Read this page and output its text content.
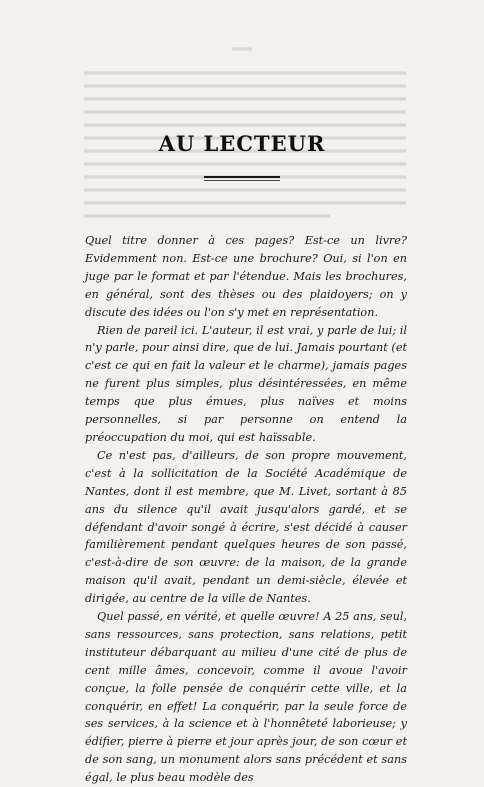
AU LECTEUR

Quel titre donner à ces pages? Est-ce un livre? Evidemment non. Est-ce une brochure? Oui, si l'on en juge par le format et par l'étendue. Mais les brochures, en général, sont des thèses ou des plaidoyers; on y discute des idées ou l'on s'y met en représentation.

Rien de pareil ici. L'auteur, il est vrai, y parle de lui; il n'y parle, pour ainsi dire, que de lui. Jamais pourtant (et c'est ce qui en fait la valeur et le charme), jamais pages ne furent plus simples, plus désintéressées, en même temps que plus émues, plus naïves et moins personnelles, si par personne on entend la préoccupation du moi, qui est haïssable.

Ce n'est pas, d'ailleurs, de son propre mouvement, c'est à la sollicitation de la Société Académique de Nantes, dont il est membre, que M. Livet, sortant à 85 ans du silence qu'il avait jusqu'alors gardé, et se défendant d'avoir songé à écrire, s'est décidé à causer familièrement pendant quelques heures de son passé, c'est-à-dire de son œuvre: de la maison, de la grande maison qu'il avait, pendant un demi-siècle, élevée et dirigée, au centre de la ville de Nantes.

Quel passé, en vérité, et quelle œuvre! A 25 ans, seul, sans ressources, sans protection, sans relations, petit instituteur débarquant au milieu d'une cité de plus de cent mille âmes, concevoir, comme il avoue l'avoir conçue, la folle pensée de conquérir cette ville, et la conquérir, en effet! La conquérir, par la seule force de ses services, à la science et à l'honnêteté laborieuse; y édifier, pierre à pierre et jour après jour, de son cœur et de son sang, un monument alors sans précédent et sans égal, le plus beau modèle des
